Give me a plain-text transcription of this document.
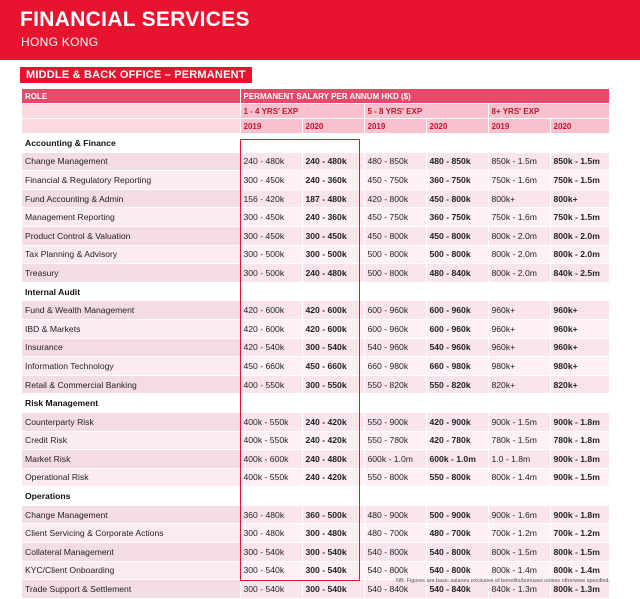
FINANCIAL SERVICES
HONG KONG
MIDDLE & BACK OFFICE – PERMANENT
ROLE	PERMANENT SALARY PER ANNUM HKD ($)					
	1 - 4 YRS' EXP		5 - 8 YRS' EXP		8+ YRS' EXP	
	2019	2020	2019	2020	2019	2020
Accounting & Finance						
Change Management	240 - 480k	240 - 480k	480 - 850k	480 - 850k	850k - 1.5m	850k - 1.5m
Financial & Regulatory Reporting	300 - 450k	240 - 360k	450 - 750k	360 - 750k	750k - 1.6m	750k - 1.5m
Fund Accounting & Admin	156 - 420k	187 - 480k	420 - 800k	450 - 800k	800k+	800k+
Management Reporting	300 - 450k	240 - 360k	450 - 750k	360 - 750k	750k - 1.6m	750k - 1.5m
Product Control & Valuation	300 - 450k	300 - 450k	450 - 800k	450 - 800k	800k - 2.0m	800k - 2.0m
Tax Planning & Advisory	300 - 500k	300 - 500k	500 - 800k	500 - 800k	800k - 2.0m	800k - 2.0m
Treasury	300 - 500k	240 - 480k	500 - 800k	480 - 840k	800k - 2.0m	840k - 2.5m
Internal Audit						
Fund & Wealth Management	420 - 600k	420 - 600k	600 - 960k	600 - 960k	960k+	960k+
IBD & Markets	420 - 600k	420 - 600k	600 - 960k	600 - 960k	960k+	960k+
Insurance	420 - 540k	300 - 540k	540 - 960k	540 - 960k	960k+	960k+
Information Technology	450 - 660k	450 - 660k	660 - 980k	660 - 980k	980k+	980k+
Retail & Commercial Banking	400 - 550k	300 - 550k	550 - 820k	550 - 820k	820k+	820k+
Risk Management						
Counterparty Risk	400k - 550k	240 - 420k	550 - 900k	420 - 900k	900k - 1.5m	900k - 1.8m
Credit Risk	400k - 550k	240 - 420k	550 - 780k	420 - 780k	780k - 1.5m	780k - 1.8m
Market Risk	400k - 600k	240 - 480k	600k - 1.0m	600k - 1.0m	1.0 - 1.8m	900k - 1.8m
Operational Risk	400k - 550k	240 - 420k	550 - 800k	550 - 800k	800k - 1.4m	900k - 1.5m
Operations						
Change Management	360 - 480k	360 - 500k	480 - 900k	500 - 900k	900k - 1.6m	900k - 1.8m
Client Servicing & Corporate Actions	300 - 480k	300 - 480k	480 - 700k	480 - 700k	700k - 1.2m	700k - 1.2m
Collateral Management	300 - 540k	300 - 540k	540 - 800k	540 - 800k	800k - 1.5m	800k - 1.5m
KYC/Client Onboarding	300 - 540k	300 - 540k	540 - 800k	540 - 800k	800k - 1.4m	800k - 1.4m
Trade Support & Settlement	300 - 540k	300 - 540k	540 - 840k	540 - 840k	840k - 1.3m	800k - 1.3m
NB: Figures are basic salaries exclusive of benefits/bonuses unless otherwise specified.
